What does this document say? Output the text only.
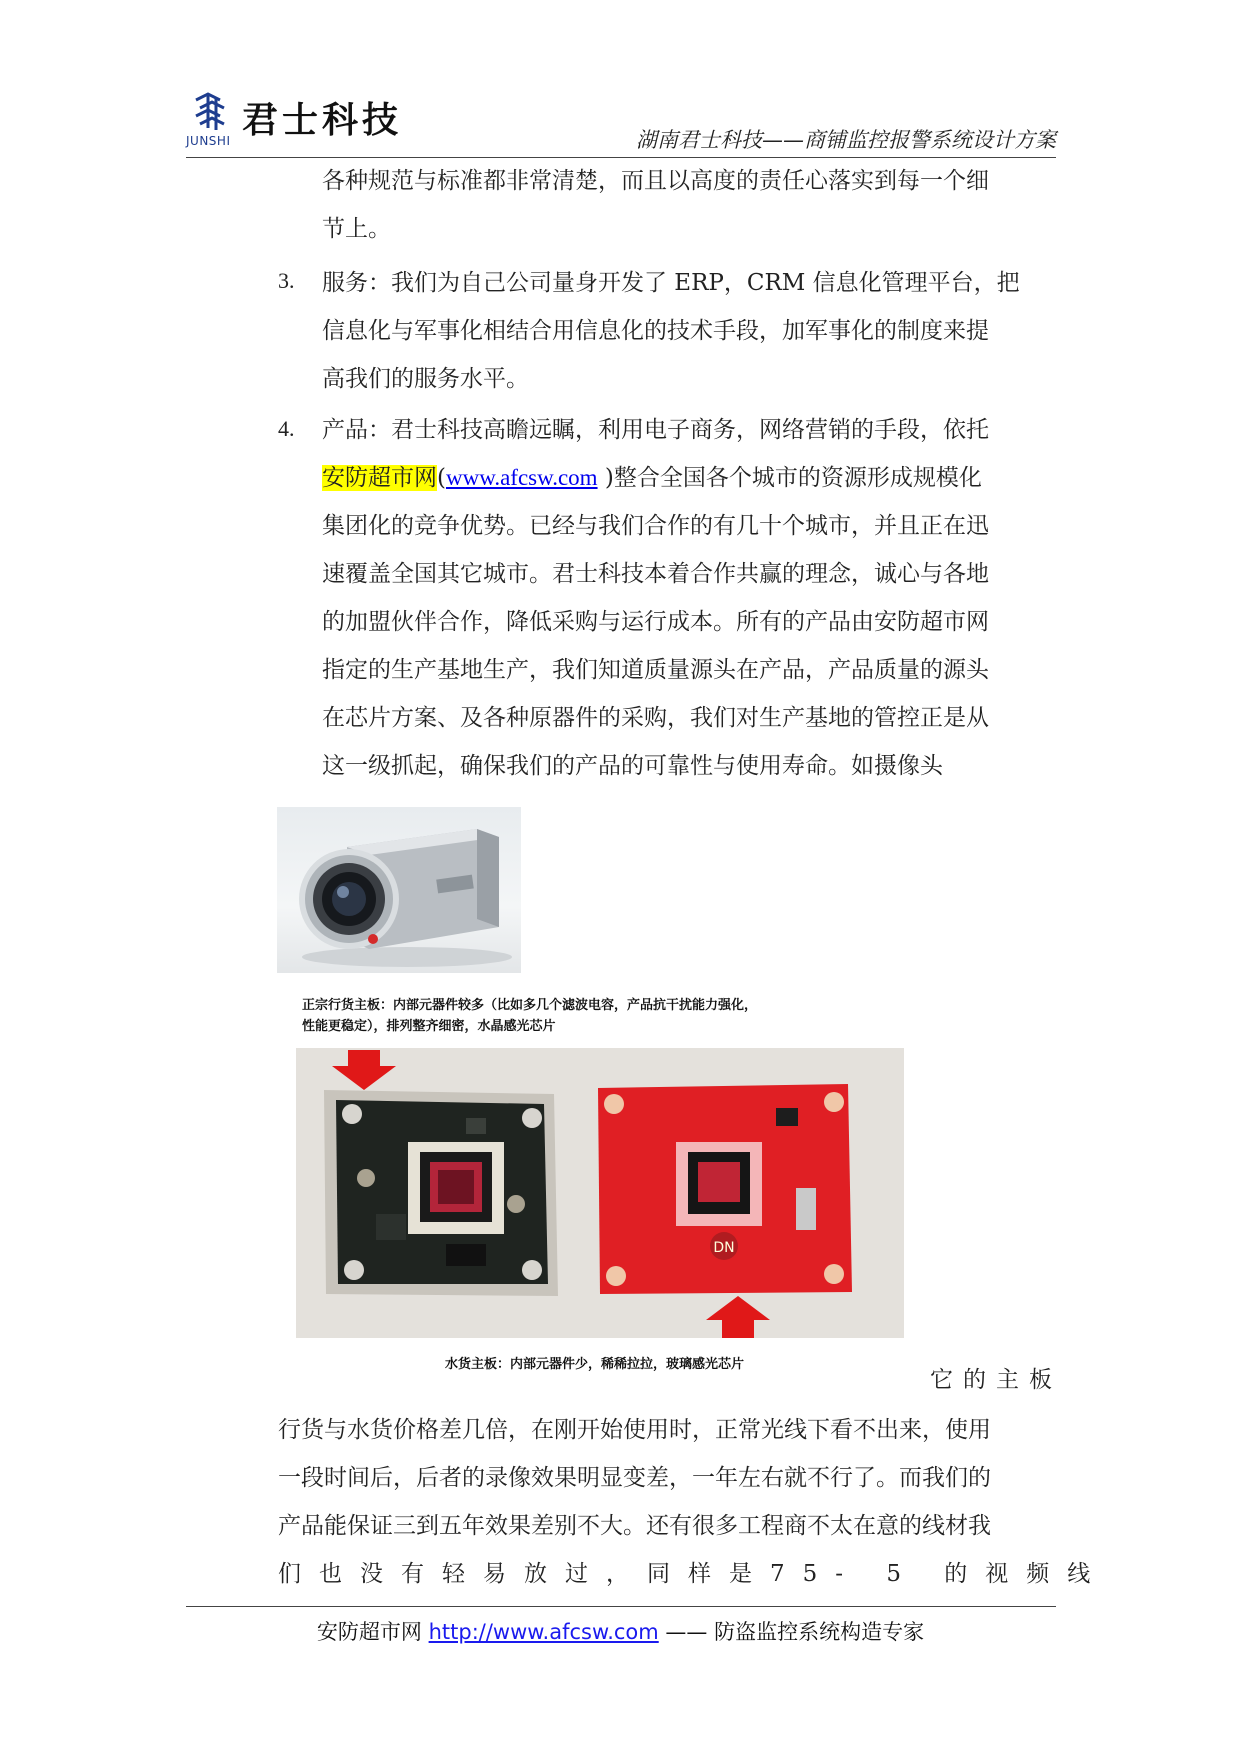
君士科技
JUNSHI	湖南君士科技——商铺监控报警系统设计方案
各种规范与标准都非常清楚，而且以高度的责任心落实到每一个细
节上。
3. 服务：我们为自己公司量身开发了 ERP，CRM 信息化管理平台，把
信息化与军事化相结合用信息化的技术手段，加军事化的制度来提
高我们的服务水平。
4. 产品：君士科技高瞻远瞩，利用电子商务，网络营销的手段，依托
安防超市网(www.afcsw.com )整合全国各个城市的资源形成规模化
集团化的竞争优势。已经与我们合作的有几十个城市，并且正在迅
速覆盖全国其它城市。君士科技本着合作共赢的理念，诚心与各地
的加盟伙伴合作，降低采购与运行成本。所有的产品由安防超市网
指定的生产基地生产，我们知道质量源头在产品，产品质量的源头
在芯片方案、及各种原器件的采购，我们对生产基地的管控正是从
这一级抓起，确保我们的产品的可靠性与使用寿命。如摄像头
正宗行货主板：内部元器件较多（比如多几个滤波电容，产品抗干扰能力强化，
性能更稳定），排列整齐细密，水晶感光芯片
DN
水货主板：内部元器件少，稀稀拉拉，玻璃感光芯片
它的主板
行货与水货价格差几倍，在刚开始使用时，正常光线下看不出来，使用
一段时间后，后者的录像效果明显变差，一年左右就不行了。而我们的
产品能保证三到五年效果差别不大。还有很多工程商不太在意的线材我
们也没有轻易放过，同样是75- 5 的视频线
安防超市网 http://www.afcsw.com —— 防盗监控系统构造专家
